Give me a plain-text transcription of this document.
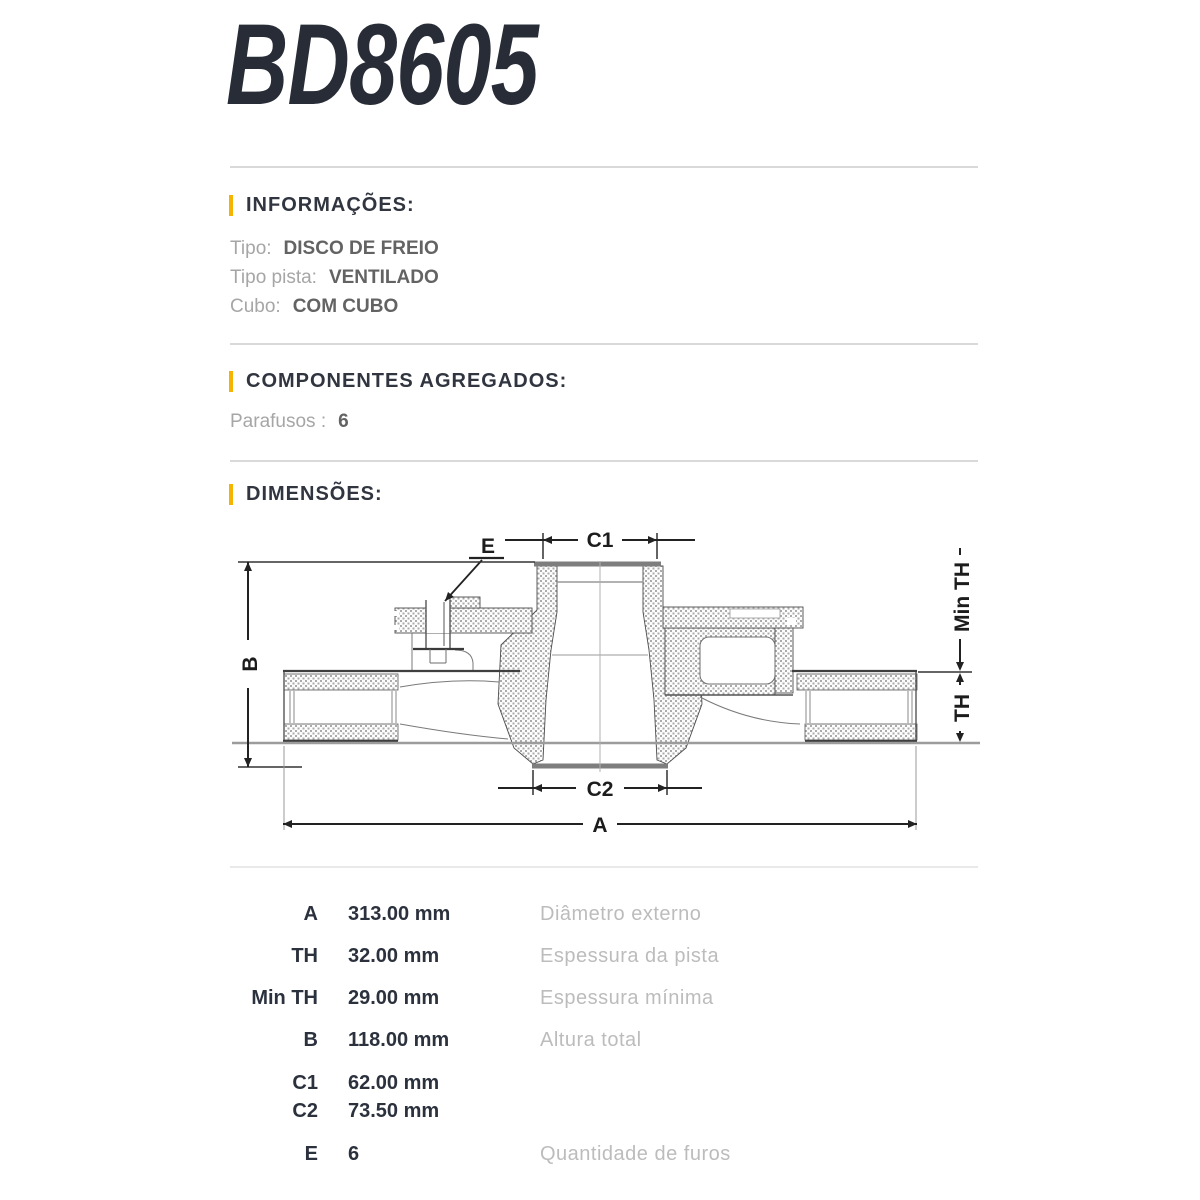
BD8605
INFORMAÇÕES:
Tipo: DISCO DE FREIO
Tipo pista: VENTILADO
Cubo: COM CUBO
COMPONENTES AGREGADOS:
Parafusos : 6
DIMENSÕES:
C1
E
B
Min TH
TH
C2
A
A 313.00 mm	Diâmetro externo
TH 32.00 mm	Espessura da pista
Min TH 29.00 mm	Espessura mínima
B 118.00 mm	Altura total
C1 62.00 mm
C2 73.50 mm
E 6	Quantidade de furos
